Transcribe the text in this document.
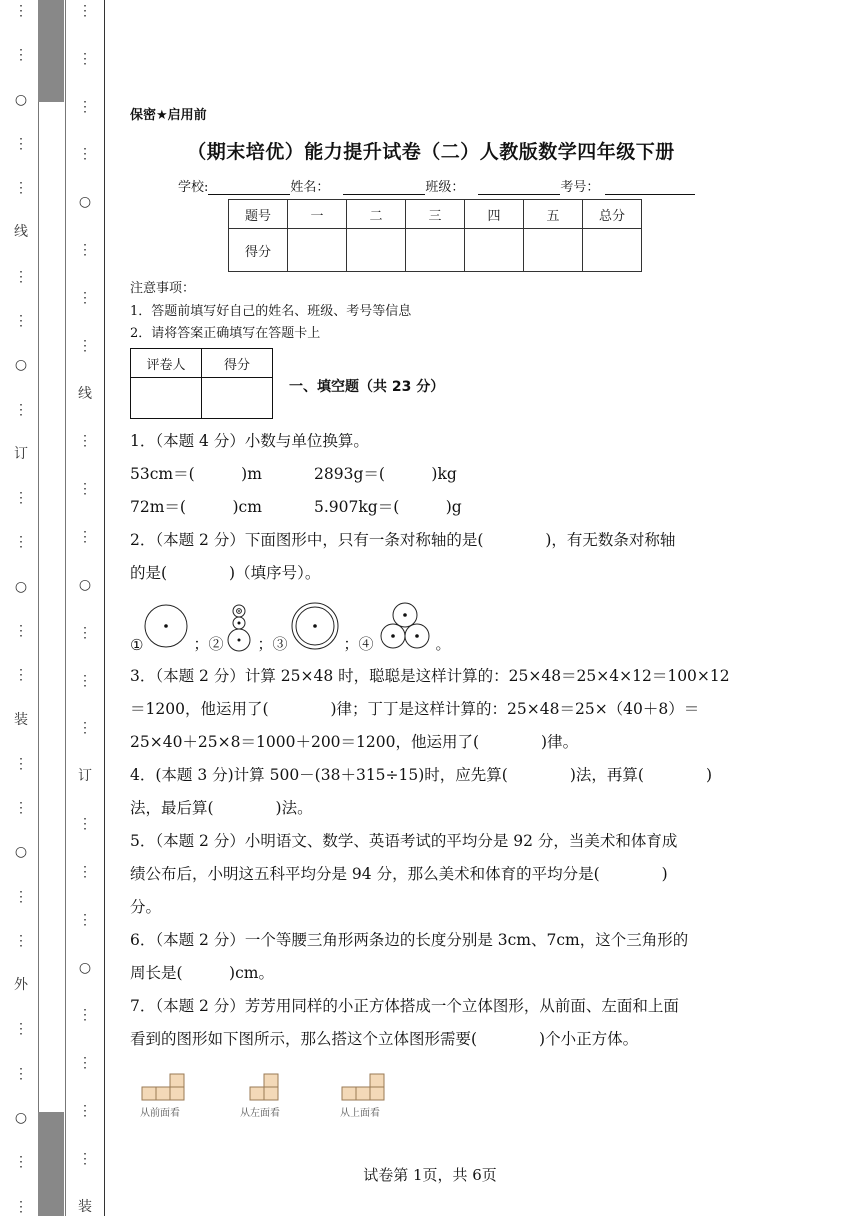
⋮
⋮
○
⋮
⋮
线
⋮
⋮
○
⋮
订
⋮
⋮
○
⋮
⋮
装
⋮
⋮
○
⋮
⋮
外
⋮
⋮
○
⋮
⋮
⋮
⋮
⋮
⋮
○
⋮
⋮
⋮
线
⋮
⋮
⋮
○
⋮
⋮
⋮
订
⋮
⋮
⋮
○
⋮
⋮
⋮
⋮
装

保密★启用前

（期末培优）能力提升试卷（二）人教版数学四年级下册

学校:	姓名：	班级：	考号：
题号	一	二	三	四	五	总分
得分						
注意事项：
1．答题前填写好自己的姓名、班级、考号等信息
2．请将答案正确填写在答题卡上
评卷人	得分

一、填空题（共 23 分）

1．（本题 4 分）小数与单位换算。

53cm＝(　　　)m	2893g＝(　　　)kg
72m＝(　　　)cm	5.907kg＝(　　　)g

2．（本题 2 分）下面图形中，只有一条对称轴的是(　　　　)，有无数条对称轴

的是(　　　　)（填序号）。

①	；② ；③	；④	。

3．（本题 2 分）计算 25×48 时，聪聪是这样计算的：25×48＝25×4×12＝100×12

＝1200，他运用了(　　　　)律；丁丁是这样计算的：25×48＝25×（40＋8）＝

25×40＋25×8＝1000＋200＝1200，他运用了(　　　　)律。

4．(本题 3 分)计算 500－(38＋315÷15)时，应先算(　　　　)法，再算(　　　　)

法，最后算(　　　　)法。

5．（本题 2 分）小明语文、数学、英语考试的平均分是 92 分，当美术和体育成

绩公布后，小明这五科平均分是 94 分，那么美术和体育的平均分是(　　　　)

分。

6．（本题 2 分）一个等腰三角形两条边的长度分别是 3cm、7cm，这个三角形的

周长是(　　　)cm。

7．（本题 2 分）芳芳用同样的小正方体搭成一个立体图形，从前面、左面和上面

看到的图形如下图所示，那么搭这个立体图形需要(　　　　)个小正方体。

从前面看	从左面看	从上面看
试卷第 1页，共 6页
